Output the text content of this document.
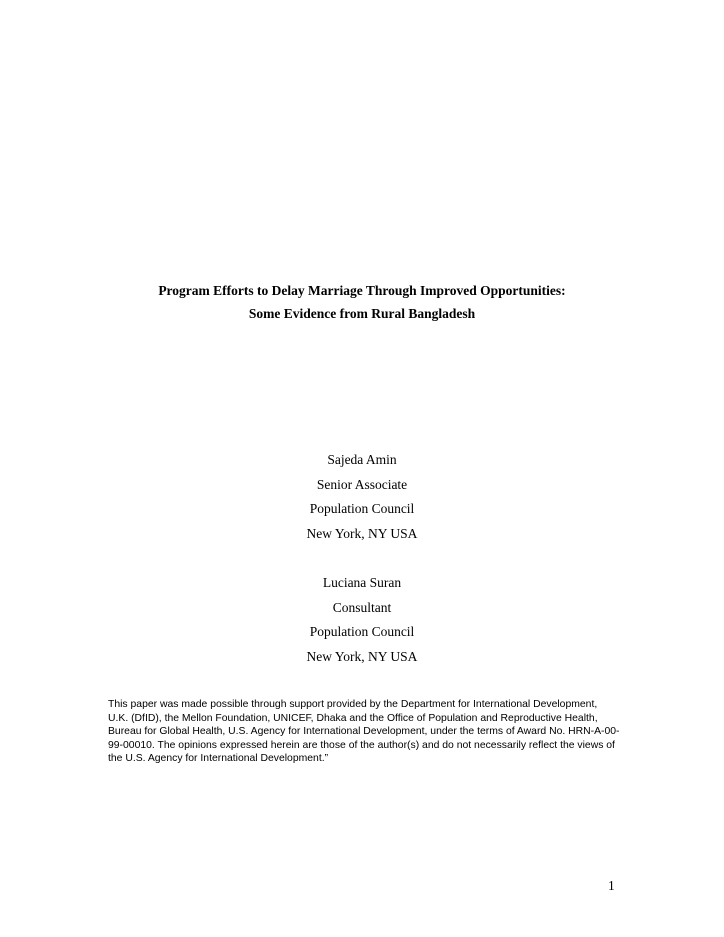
Program Efforts to Delay Marriage Through Improved Opportunities:
Some Evidence from Rural Bangladesh
Sajeda Amin
Senior Associate
Population Council
New York, NY USA
Luciana Suran
Consultant
Population Council
New York, NY USA
This paper was made possible through support provided by the Department for International Development, U.K. (DfID), the Mellon Foundation, UNICEF, Dhaka and the Office of Population and Reproductive Health, Bureau for Global Health, U.S. Agency for International Development, under the terms of Award No. HRN-A-00-99-00010. The opinions expressed herein are those of the author(s) and do not necessarily reflect the views of the U.S. Agency for International Development.”
1
